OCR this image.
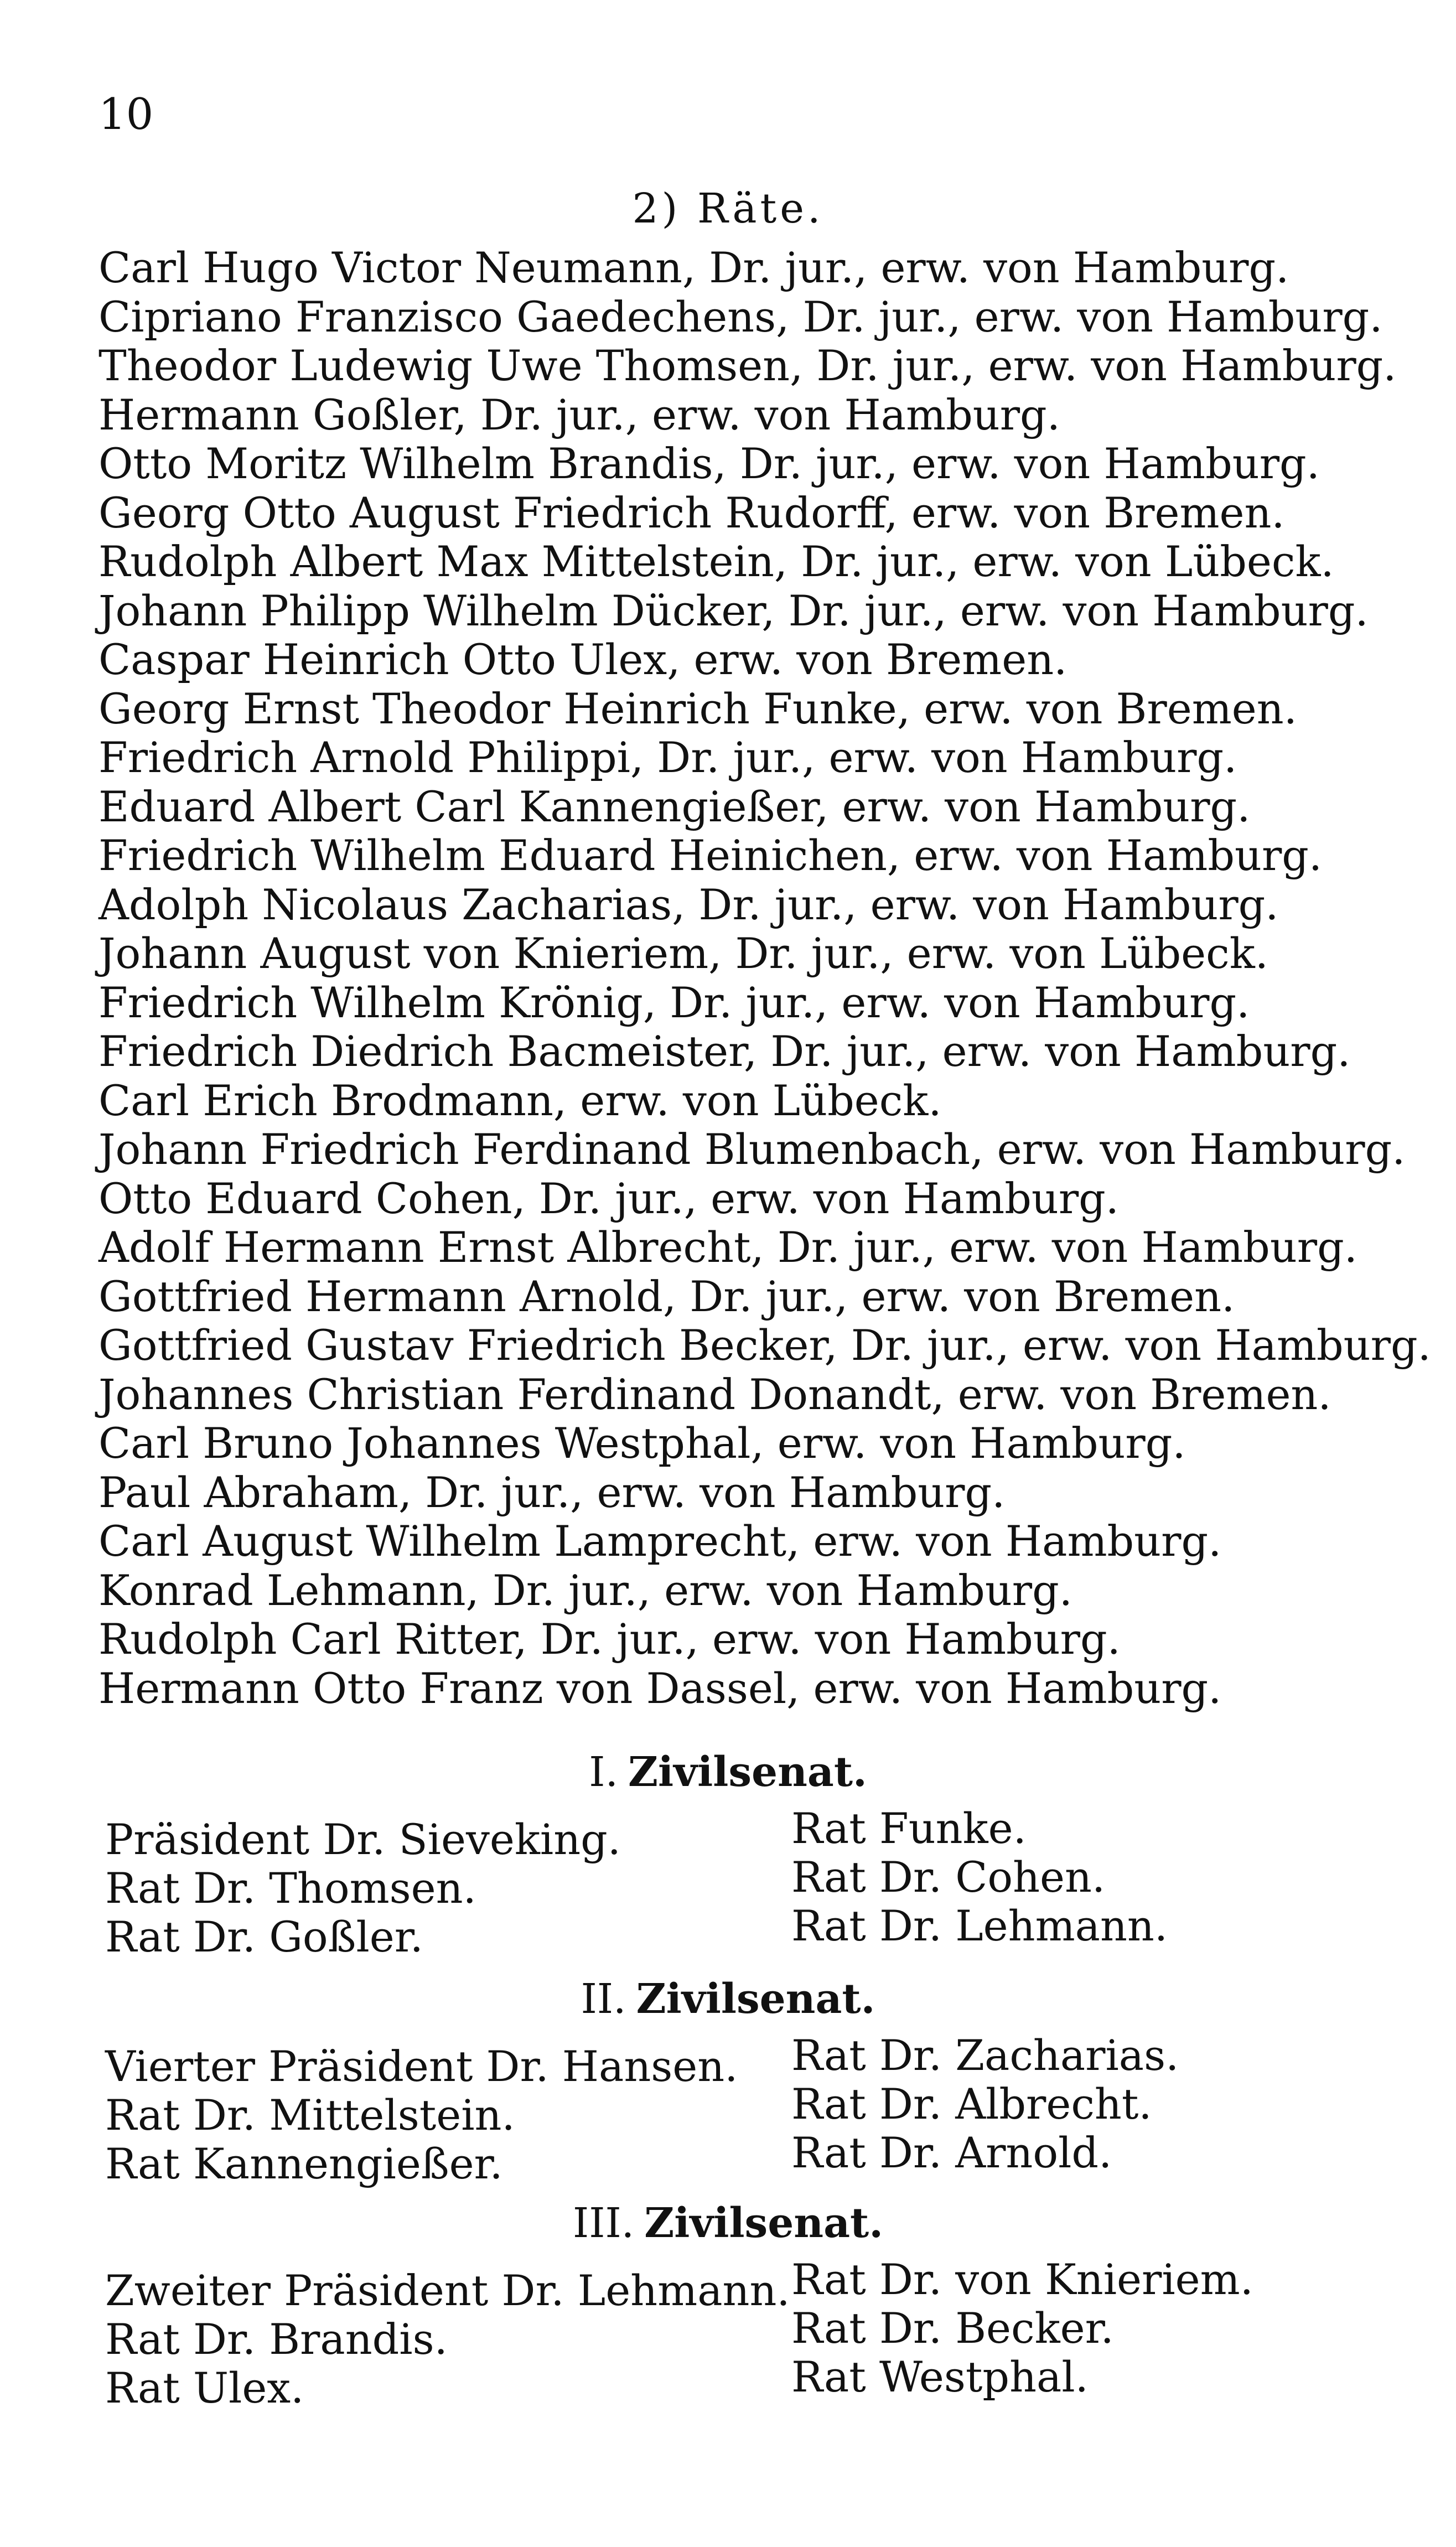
10
2) Räte.
Carl Hugo Victor Neumann, Dr. jur., erw. von Hamburg.
Cipriano Franzisco Gaedechens, Dr. jur., erw. von Hamburg.
Theodor Ludewig Uwe Thomsen, Dr. jur., erw. von Hamburg.
Hermann Goßler, Dr. jur., erw. von Hamburg.
Otto Moritz Wilhelm Brandis, Dr. jur., erw. von Hamburg.
Georg Otto August Friedrich Rudorff, erw. von Bremen.
Rudolph Albert Max Mittelstein, Dr. jur., erw. von Lübeck.
Johann Philipp Wilhelm Dücker, Dr. jur., erw. von Hamburg.
Caspar Heinrich Otto Ulex, erw. von Bremen.
Georg Ernst Theodor Heinrich Funke, erw. von Bremen.
Friedrich Arnold Philippi, Dr. jur., erw. von Hamburg.
Eduard Albert Carl Kannengießer, erw. von Hamburg.
Friedrich Wilhelm Eduard Heinichen, erw. von Hamburg.
Adolph Nicolaus Zacharias, Dr. jur., erw. von Hamburg.
Johann August von Knieriem, Dr. jur., erw. von Lübeck.
Friedrich Wilhelm Krönig, Dr. jur., erw. von Hamburg.
Friedrich Diedrich Bacmeister, Dr. jur., erw. von Hamburg.
Carl Erich Brodmann, erw. von Lübeck.
Johann Friedrich Ferdinand Blumenbach, erw. von Hamburg.
Otto Eduard Cohen, Dr. jur., erw. von Hamburg.
Adolf Hermann Ernst Albrecht, Dr. jur., erw. von Hamburg.
Gottfried Hermann Arnold, Dr. jur., erw. von Bremen.
Gottfried Gustav Friedrich Becker, Dr. jur., erw. von Hamburg.
Johannes Christian Ferdinand Donandt, erw. von Bremen.
Carl Bruno Johannes Westphal, erw. von Hamburg.
Paul Abraham, Dr. jur., erw. von Hamburg.
Carl August Wilhelm Lamprecht, erw. von Hamburg.
Konrad Lehmann, Dr. jur., erw. von Hamburg.
Rudolph Carl Ritter, Dr. jur., erw. von Hamburg.
Hermann Otto Franz von Dassel, erw. von Hamburg.
I. Zivilsenat.
Präsident Dr. Sieveking.
Rat Dr. Thomsen.
Rat Dr. Goßler.
Rat Funke.
Rat Dr. Cohen.
Rat Dr. Lehmann.
II. Zivilsenat.
Vierter Präsident Dr. Hansen.
Rat Dr. Mittelstein.
Rat Kannengießer.
Rat Dr. Zacharias.
Rat Dr. Albrecht.
Rat Dr. Arnold.
III. Zivilsenat.
Zweiter Präsident Dr. Lehmann.
Rat Dr. Brandis.
Rat Ulex.
Rat Dr. von Knieriem.
Rat Dr. Becker.
Rat Westphal.
